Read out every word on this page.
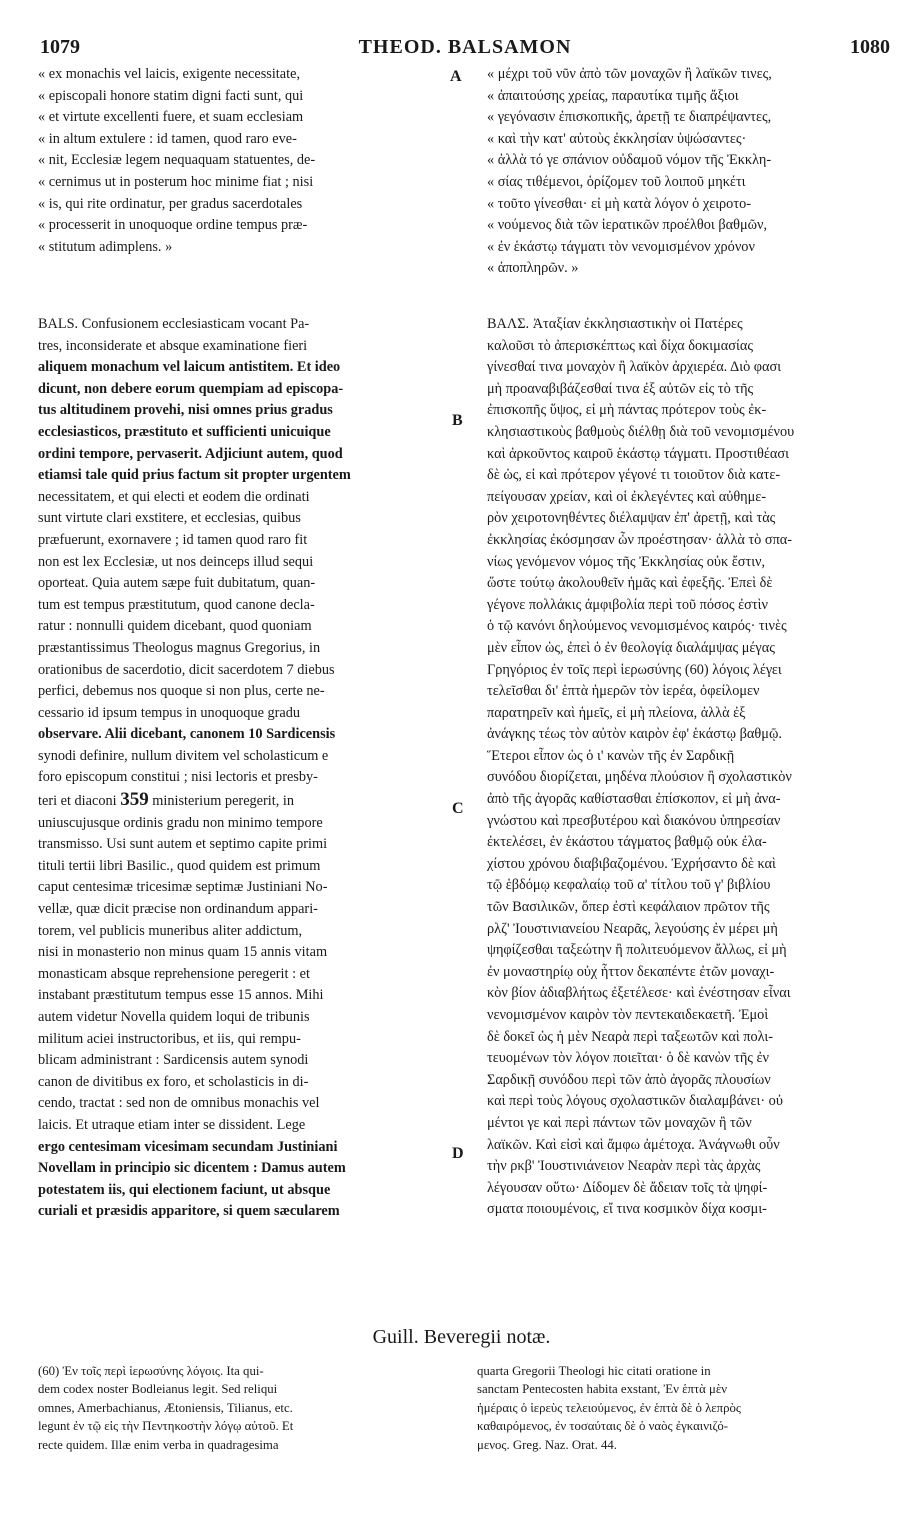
1079	THEOD. BALSAMON	1080
« ex monachis vel laicis, exigente necessitate,
« episcopali honore statim digni facti sunt, qui
« et virtute excellenti fuere, et suam ecclesiam
« in altum extulere : id tamen, quod raro eve-
« nit, Ecclesiæ legem nequaquam statuentes, de-
« cernimus ut in posterum hoc minime fiat ; nisi
« is, qui rite ordinatur, per gradus sacerdotales
« processerit in unoquoque ordine tempus præ-
« stitutum adimplens. »
« μέχρι τοῦ νῦν ἀπὸ τῶν μοναχῶν ἢ λαϊκῶν τινες,
« ἀπαιτούσης χρείας, παραυτίκα τιμῆς ἄξιοι
« γεγόνασιν ἐπισκοπικῆς, ἀρετῇ τε διαπρέψαντες,
« καὶ τὴν κατ' αὐτοὺς ἐκκλησίαν ὑψώσαντες·
« ἀλλὰ τό γε σπάνιον οὐδαμοῦ νόμον τῆς Ἐκκλη-
« σίας τιθέμενοι, ὁρίζομεν τοῦ λοιποῦ μηκέτι
« τοῦτο γίνεσθαι· εἰ μὴ κατὰ λόγον ὁ χειροτο-
« νούμενος διὰ τῶν ἱερατικῶν προέλθοι βαθμῶν,
« ἐν ἑκάστῳ τάγματι τὸν νενομισμένον χρόνον
« ἀποπληρῶν. »
A
B
C
D
BALS. Confusionem ecclesiasticam vocant Pa-
tres, inconsiderate et absque examinatione fieri
aliquem monachum vel laicum antistitem. Et ideo
dicunt, non debere eorum quempiam ad episcopa-
tus altitudinem provehi, nisi omnes prius gradus
ecclesiasticos, præstituto et sufficienti unicuique
ordini tempore, pervaserit. Adjiciunt autem, quod
etiamsi tale quid prius factum sit propter urgentem
necessitatem, et qui electi et eodem die ordinati
sunt virtute clari exstitere, et ecclesias, quibus
præfuerunt, exornavere ; id tamen quod raro fit
non est lex Ecclesiæ, ut nos deinceps illud sequi
oporteat. Quia autem sæpe fuit dubitatum, quan-
tum est tempus præstitutum, quod canone decla-
ratur : nonnulli quidem dicebant, quod quoniam
præstantissimus Theologus magnus Gregorius, in
orationibus de sacerdotio, dicit sacerdotem 7 diebus
perfici, debemus nos quoque si non plus, certe ne-
cessario id ipsum tempus in unoquoque gradu
observare. Alii dicebant, canonem 10 Sardicensis
synodi definire, nullum divitem vel scholasticum e
foro episcopum constitui ; nisi lectoris et presby-
teri et diaconi 359 ministerium peregerit, in
uniuscujusque ordinis gradu non minimo tempore
transmisso. Usi sunt autem et septimo capite primi
tituli tertii libri Basilic., quod quidem est primum
caput centesimæ tricesimæ septimæ Justiniani No-
vellæ, quæ dicit præcise non ordinandum appari-
torem, vel publicis muneribus aliter addictum,
nisi in monasterio non minus quam 15 annis vitam
monasticam absque reprehensione peregerit : et
instabant præstitutum tempus esse 15 annos. Mihi
autem videtur Novella quidem loqui de tribunis
militum aciei instructoribus, et iis, qui rempu-
blicam administrant : Sardicensis autem synodi
canon de divitibus ex foro, et scholasticis in di-
cendo, tractat : sed non de omnibus monachis vel
laicis. Et utraque etiam inter se dissident. Lege
ergo centesimam vicesimam secundam Justiniani
Novellam in principio sic dicentem : Damus autem
potestatem iis, qui electionem faciunt, ut absque
curiali et præsidis apparitore, si quem sæcularem
ΒΑΛΣ. Ἀταξίαν ἐκκλησιαστικὴν οἱ Πατέρες
καλοῦσι τὸ ἀπερισκέπτως καὶ δίχα δοκιμασίας
γίνεσθαί τινα μοναχὸν ἢ λαϊκὸν ἀρχιερέα. Διὸ φασι
μὴ προαναβιβάζεσθαί τινα ἐξ αὐτῶν εἰς τὸ τῆς
ἐπισκοπῆς ὕψος, εἰ μὴ πάντας πρότερον τοὺς ἐκ-
κλησιαστικοὺς βαθμοὺς διέλθῃ διὰ τοῦ νενομισμένου
καὶ ἀρκοῦντος καιροῦ ἑκάστῳ τάγματι. Προστιθέασι
δὲ ὡς, εἰ καὶ πρότερον γέγονέ τι τοιοῦτον διὰ κατε-
πείγουσαν χρείαν, καὶ οἱ ἐκλεγέντες καὶ αὐθημε-
ρὸν χειροτονηθέντες διέλαμψαν ἐπ' ἀρετῇ, καὶ τὰς
ἐκκλησίας ἐκόσμησαν ὧν προέστησαν· ἀλλὰ τὸ σπα-
νίως γενόμενον νόμος τῆς Ἐκκλησίας οὐκ ἔστιν,
ὥστε τούτῳ ἀκολουθεῖν ἡμᾶς καὶ ἐφεξῆς. Ἐπεὶ δὲ
γέγονε πολλάκις ἀμφιβολία περὶ τοῦ πόσος ἐστὶν
ὁ τῷ κανόνι δηλούμενος νενομισμένος καιρός· τινὲς
μὲν εἶπον ὡς, ἐπεὶ ὁ ἐν θεολογίᾳ διαλάμψας μέγας
Γρηγόριος ἐν τοῖς περὶ ἱερωσύνης (60) λόγοις λέγει
τελεῖσθαι δι' ἑπτὰ ἡμερῶν τὸν ἱερέα, ὀφείλομεν
παρατηρεῖν καὶ ἡμεῖς, εἰ μὴ πλείονα, ἀλλὰ ἐξ
ἀνάγκης τέως τὸν αὐτὸν καιρὸν ἐφ' ἑκάστῳ βαθμῷ.
Ἕτεροι εἶπον ὡς ὁ ι' κανὼν τῆς ἐν Σαρδικῇ
συνόδου διορίζεται, μηδένα πλούσιον ἢ σχολαστικὸν
ἀπὸ τῆς ἀγορᾶς καθίστασθαι ἐπίσκοπον, εἰ μὴ ἀνα-
γνώστου καὶ πρεσβυτέρου καὶ διακόνου ὑπηρεσίαν
ἐκτελέσει, ἐν ἑκάστου τάγματος βαθμῷ οὐκ ἐλα-
χίστου χρόνου διαβιβαζομένου. Ἐχρήσαντο δὲ καὶ
τῷ ἑβδόμῳ κεφαλαίῳ τοῦ α' τίτλου τοῦ γ' βιβλίου
τῶν Βασιλικῶν, ὅπερ ἐστὶ κεφάλαιον πρῶτον τῆς
ρλζ' Ἰουστινιανείου Νεαρᾶς, λεγούσης ἐν μέρει μὴ
ψηφίζεσθαι ταξεώτην ἢ πολιτευόμενον ἄλλως, εἰ μὴ
ἐν μοναστηρίῳ οὐχ ἧττον δεκαπέντε ἐτῶν μοναχι-
κὸν βίον ἀδιαβλήτως ἐξετέλεσε· καὶ ἐνέστησαν εἶναι
νενομισμένον καιρὸν τὸν πεντεκαιδεκαετῆ. Ἐμοὶ
δὲ δοκεῖ ὡς ἡ μὲν Νεαρὰ περὶ ταξεωτῶν καὶ πολι-
τευομένων τὸν λόγον ποιεῖται· ὁ δὲ κανὼν τῆς ἐν
Σαρδικῇ συνόδου περὶ τῶν ἀπὸ ἀγορᾶς πλουσίων
καὶ περὶ τοὺς λόγους σχολαστικῶν διαλαμβάνει· οὐ
μέντοι γε καὶ περὶ πάντων τῶν μοναχῶν ἢ τῶν
λαϊκῶν. Καὶ εἰσὶ καὶ ἄμφω ἀμέτοχα. Ἀνάγνωθι οὖν
τὴν ρκβ' Ἰουστινιάνειον Νεαρὰν περὶ τὰς ἀρχὰς
λέγουσαν οὕτω· Δίδομεν δὲ ἄδειαν τοῖς τὰ ψηφί-
σματα ποιουμένοις, εἴ τινα κοσμικὸν δίχα κοσμι-
Guill. Beveregii notæ.
(60) Ἐν τοῖς περὶ ἱερωσύνης λόγοις. Ita qui-
dem codex noster Bodleianus legit. Sed reliqui
omnes, Amerbachianus, Ætoniensis, Tilianus, etc.
legunt ἐν τῷ εἰς τὴν Πεντηκοστὴν λόγῳ αὐτοῦ. Et
recte quidem. Illæ enim verba in quadragesima
quarta Gregorii Theologi hic citati oratione in
sanctam Pentecosten habita exstant, Ἐν ἑπτὰ μὲν
ἡμέραις ὁ ἱερεὺς τελειούμενος, ἐν ἑπτὰ δὲ ὁ λεπρὸς
καθαιρόμενος, ἐν τοσαύταις δὲ ὁ ναὸς ἐγκαινιζό-
μενος. Greg. Naz. Orat. 44.
